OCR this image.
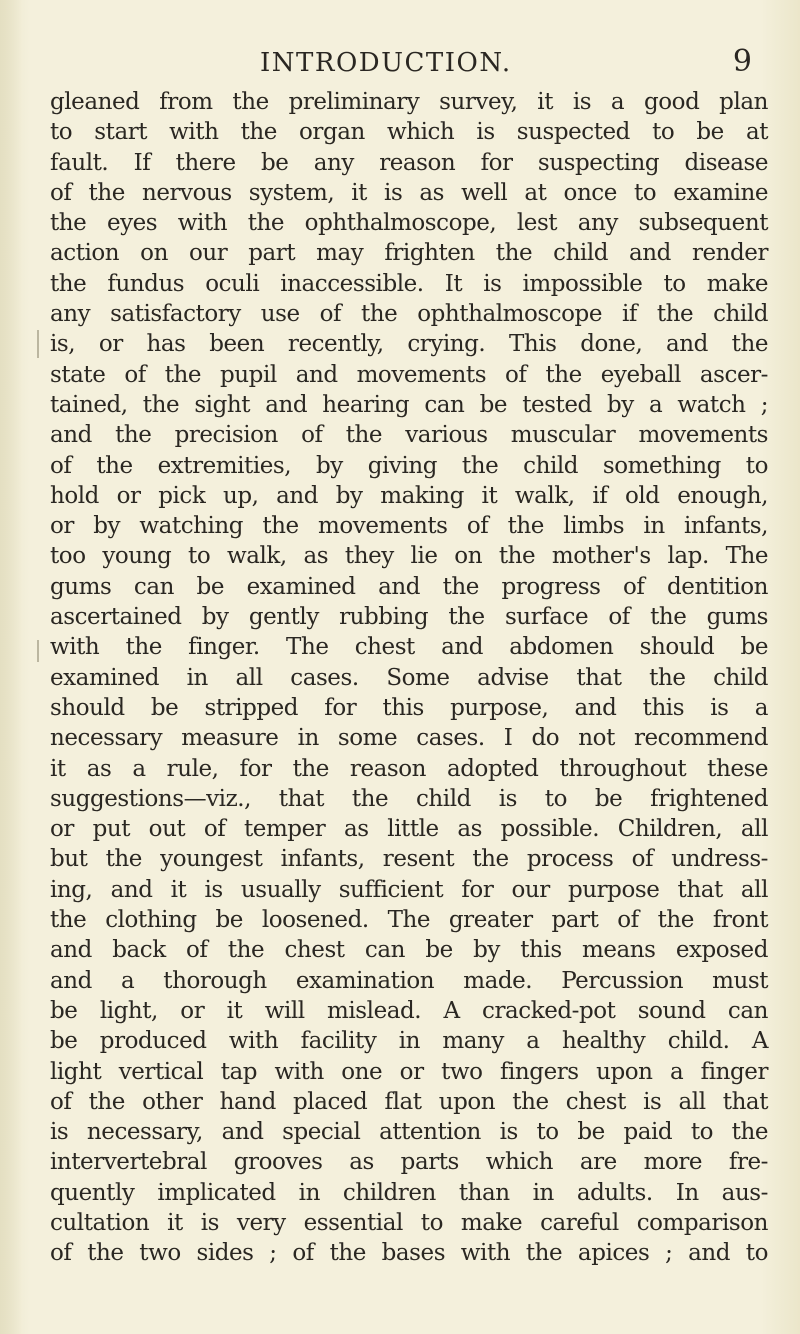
INTRODUCTION.	9
gleaned from the preliminary survey, it is a good plan
to start with the organ which is suspected to be at
fault. If there be any reason for suspecting disease
of the nervous system, it is as well at once to examine
the eyes with the ophthalmoscope, lest any subsequent
action on our part may frighten the child and render
the fundus oculi inaccessible. It is impossible to make
any satisfactory use of the ophthalmoscope if the child
is, or has been recently, crying. This done, and the
state of the pupil and movements of the eyeball ascer-
tained, the sight and hearing can be tested by a watch ;
and the precision of the various muscular movements
of the extremities, by giving the child something to
hold or pick up, and by making it walk, if old enough,
or by watching the movements of the limbs in infants,
too young to walk, as they lie on the mother's lap. The
gums can be examined and the progress of dentition
ascertained by gently rubbing the surface of the gums
with the finger. The chest and abdomen should be
examined in all cases. Some advise that the child
should be stripped for this purpose, and this is a
necessary measure in some cases. I do not recommend
it as a rule, for the reason adopted throughout these
suggestions—viz., that the child is to be frightened
or put out of temper as little as possible. Children, all
but the youngest infants, resent the process of undress-
ing, and it is usually sufficient for our purpose that all
the clothing be loosened. The greater part of the front
and back of the chest can be by this means exposed
and a thorough examination made. Percussion must
be light, or it will mislead. A cracked-pot sound can
be produced with facility in many a healthy child. A
light vertical tap with one or two fingers upon a finger
of the other hand placed flat upon the chest is all that
is necessary, and special attention is to be paid to the
intervertebral grooves as parts which are more fre-
quently implicated in children than in adults. In aus-
cultation it is very essential to make careful comparison
of the two sides ; of the bases with the apices ; and to
